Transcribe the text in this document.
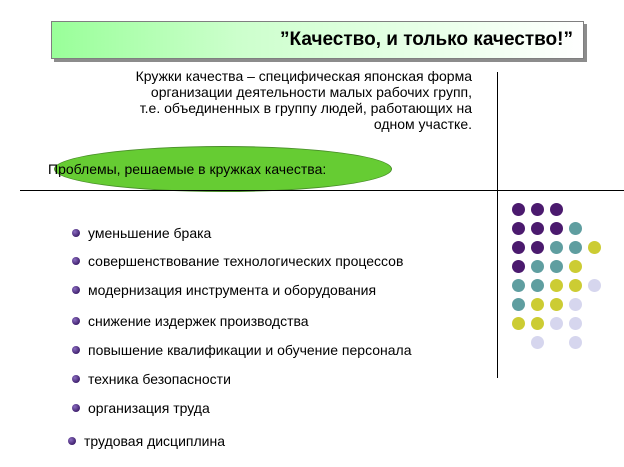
”Качество, и только качество!”
Кружки качества – специфическая японская форма
организации деятельности малых рабочих групп,
т.е. объединенных в группу людей, работающих на
одном участке.
Проблемы, решаемые в кружках качества:
уменьшение брака
совершенствование технологических процессов
модернизация инструмента и оборудования
снижение издержек производства
повышение квалификации и обучение персонала
техника безопасности
организация труда
трудовая дисциплина
